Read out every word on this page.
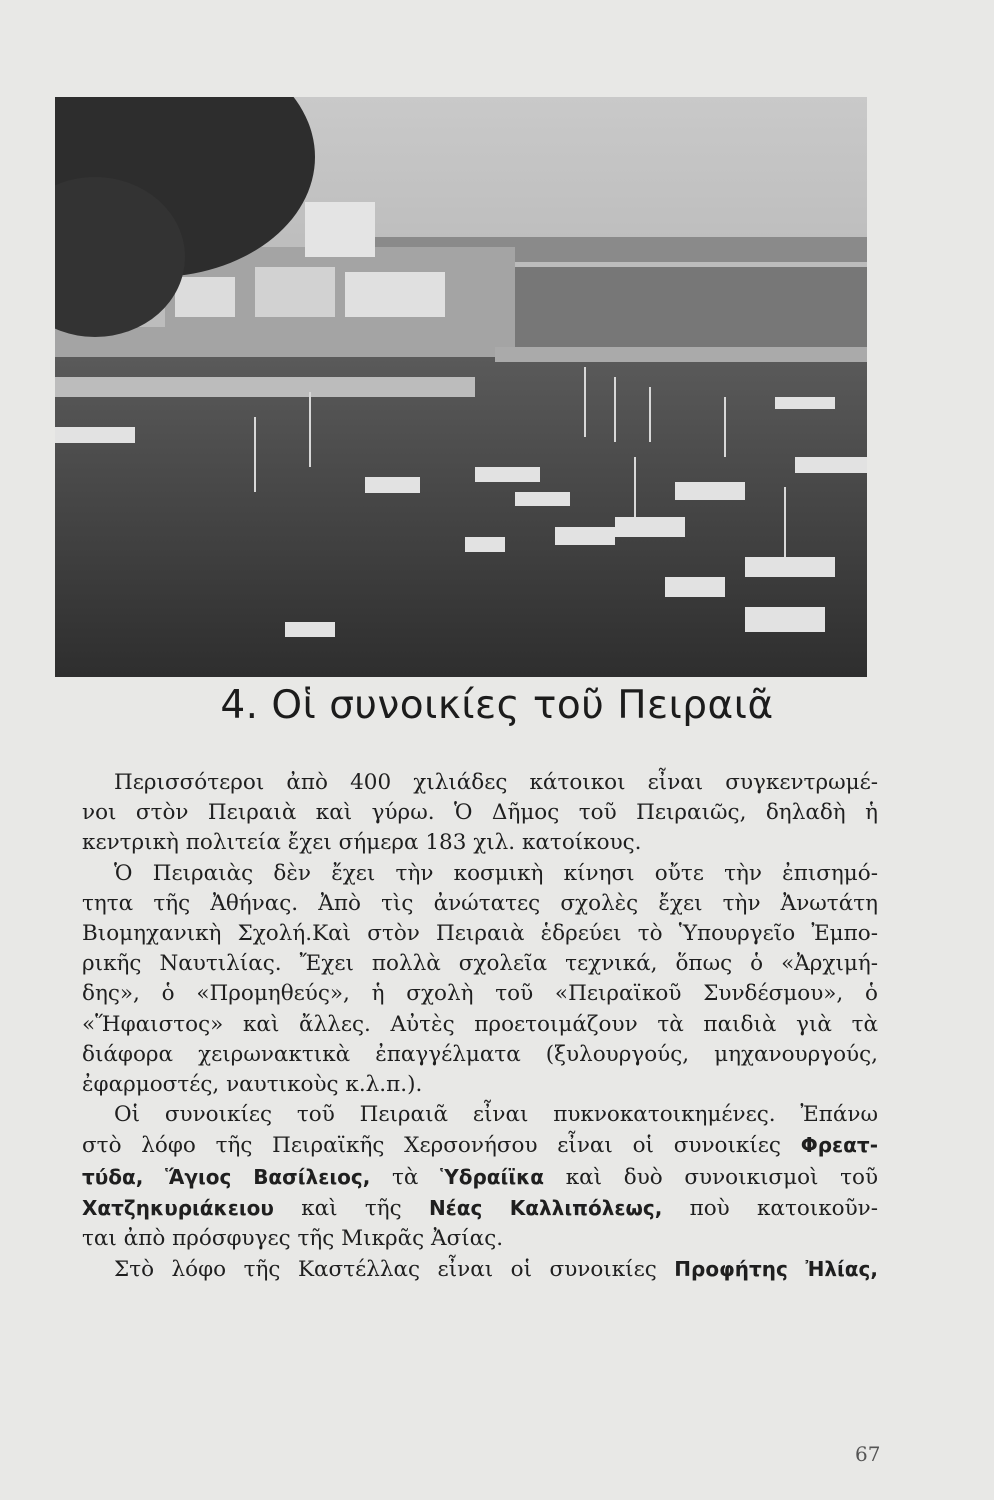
4. Οἱ συνοικίες τοῦ Πειραιᾶ

Περισσότεροι ἀπὸ 400 χιλιάδες κάτοικοι εἶναι συγκεντρωμέ-
νοι στὸν Πειραιὰ καὶ γύρω. Ὁ Δῆμος τοῦ Πειραιῶς, δηλαδὴ ἡ
κεντρικὴ πολιτεία ἔχει σήμερα 183 χιλ. κατοίκους.

Ὁ Πειραιὰς δὲν ἔχει τὴν κοσμικὴ κίνησι οὔτε τὴν ἐπισημό-
τητα τῆς Ἀθήνας. Ἀπὸ τὶς ἀνώτατες σχολὲς ἔχει τὴν Ἀνωτάτη
Βιομηχανικὴ Σχολή.Καὶ στὸν Πειραιὰ ἑδρεύει τὸ Ὑπουργεῖο Ἐμπο-
ρικῆς Ναυτιλίας. Ἔχει πολλὰ σχολεῖα τεχνικά, ὅπως ὁ «Ἀρχιμή-
δης», ὁ «Προμηθεύς», ἡ σχολὴ τοῦ «Πειραϊκοῦ Συνδέσμου», ὁ
«Ἥφαιστος» καὶ ἄλλες. Αὐτὲς προετοιμάζουν τὰ παιδιὰ γιὰ τὰ
διάφορα χειρωνακτικὰ ἐπαγγέλματα (ξυλουργούς, μηχανουργούς,
ἐφαρμοστές, ναυτικοὺς κ.λ.π.).

Οἱ συνοικίες τοῦ Πειραιᾶ εἶναι πυκνοκατοικημένες. Ἐπάνω
στὸ λόφο τῆς Πειραϊκῆς Χερσονήσου εἶναι οἱ συνοικίες Φρεατ-
τύδα, Ἅγιος Βασίλειος, τὰ Ὑδραίϊκα καὶ δυὸ συνοικισμοὶ τοῦ
Χατζηκυριάκειου καὶ τῆς Νέας Καλλιπόλεως, ποὺ κατοικοῦν-
ται ἀπὸ πρόσφυγες τῆς Μικρᾶς Ἀσίας.

Στὸ λόφο τῆς Καστέλλας εἶναι οἱ συνοικίες Προφήτης Ἠλίας,

67
